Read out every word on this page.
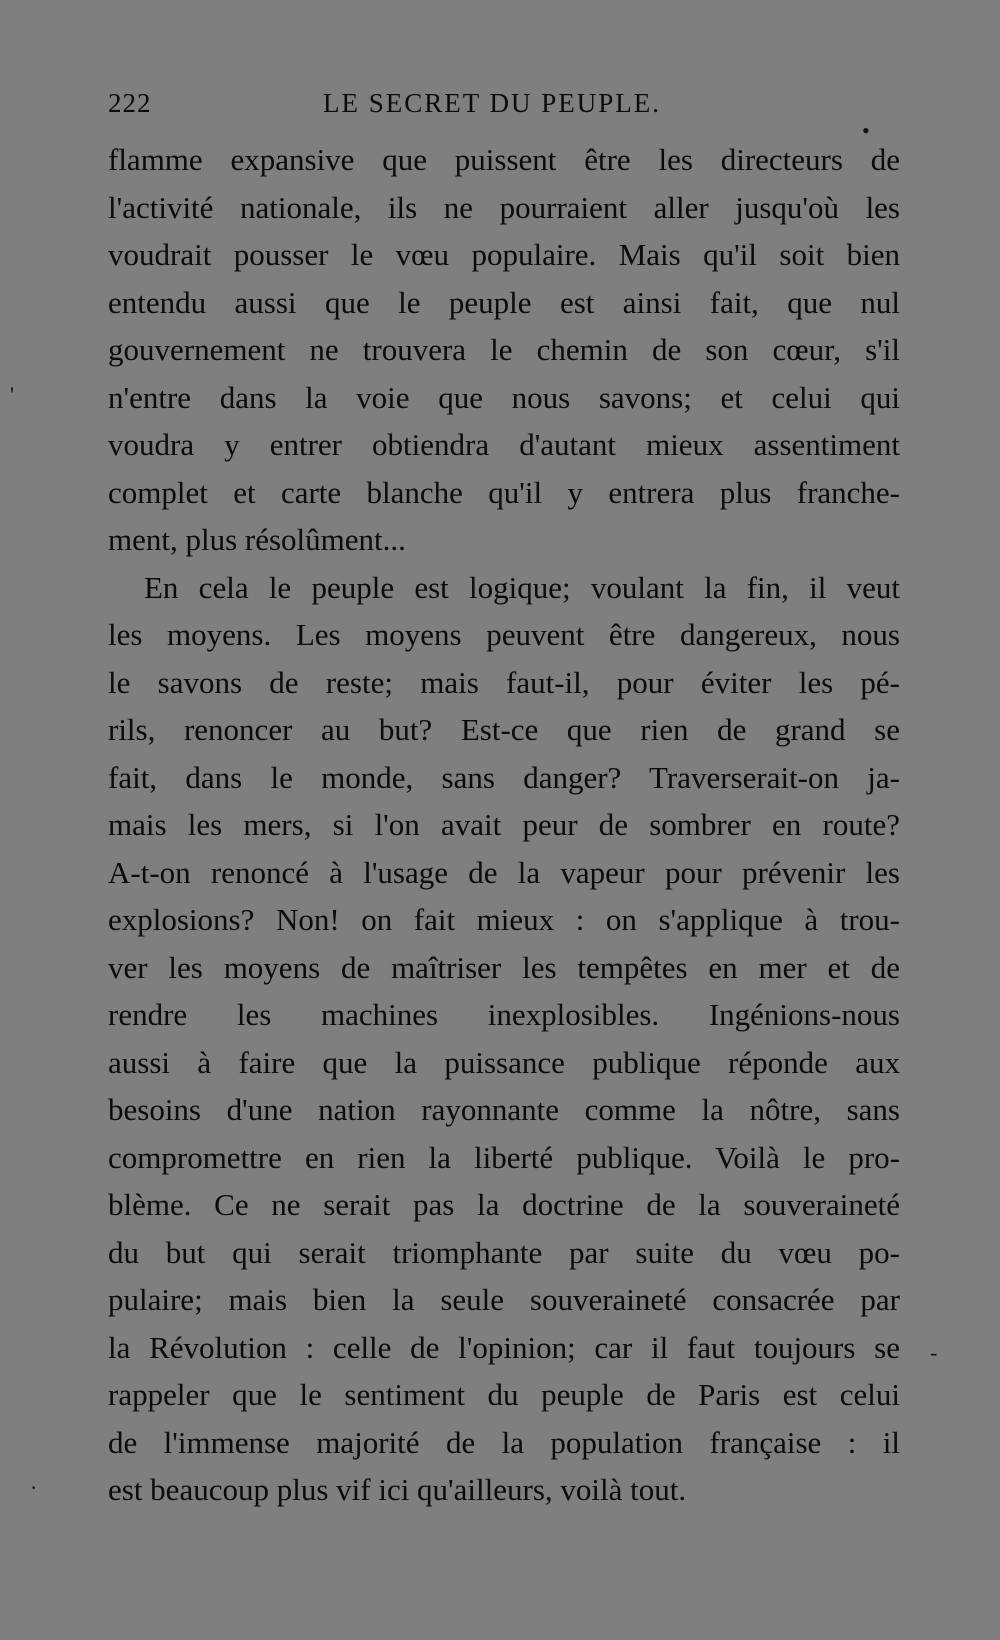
222	LE SECRET DU PEUPLE.
flamme expansive que puissent être les directeurs de
l'activité nationale, ils ne pourraient aller jusqu'où les
voudrait pousser le vœu populaire. Mais qu'il soit bien
entendu aussi que le peuple est ainsi fait, que nul
gouvernement ne trouvera le chemin de son cœur, s'il
n'entre dans la voie que nous savons; et celui qui
voudra y entrer obtiendra d'autant mieux assentiment
complet et carte blanche qu'il y entrera plus franche-
ment, plus résolûment...
En cela le peuple est logique; voulant la fin, il veut
les moyens. Les moyens peuvent être dangereux, nous
le savons de reste; mais faut-il, pour éviter les pé-
rils, renoncer au but? Est-ce que rien de grand se
fait, dans le monde, sans danger? Traverserait-on ja-
mais les mers, si l'on avait peur de sombrer en route?
A-t-on renoncé à l'usage de la vapeur pour prévenir les
explosions? Non! on fait mieux : on s'applique à trou-
ver les moyens de maîtriser les tempêtes en mer et de
rendre les machines inexplosibles. Ingénions-nous
aussi à faire que la puissance publique réponde aux
besoins d'une nation rayonnante comme la nôtre, sans
compromettre en rien la liberté publique. Voilà le pro-
blème. Ce ne serait pas la doctrine de la souveraineté
du but qui serait triomphante par suite du vœu po-
pulaire; mais bien la seule souveraineté consacrée par
la Révolution : celle de l'opinion; car il faut toujours se
rappeler que le sentiment du peuple de Paris est celui
de l'immense majorité de la population française : il
est beaucoup plus vif ici qu'ailleurs, voilà tout.
•
'
-
·
